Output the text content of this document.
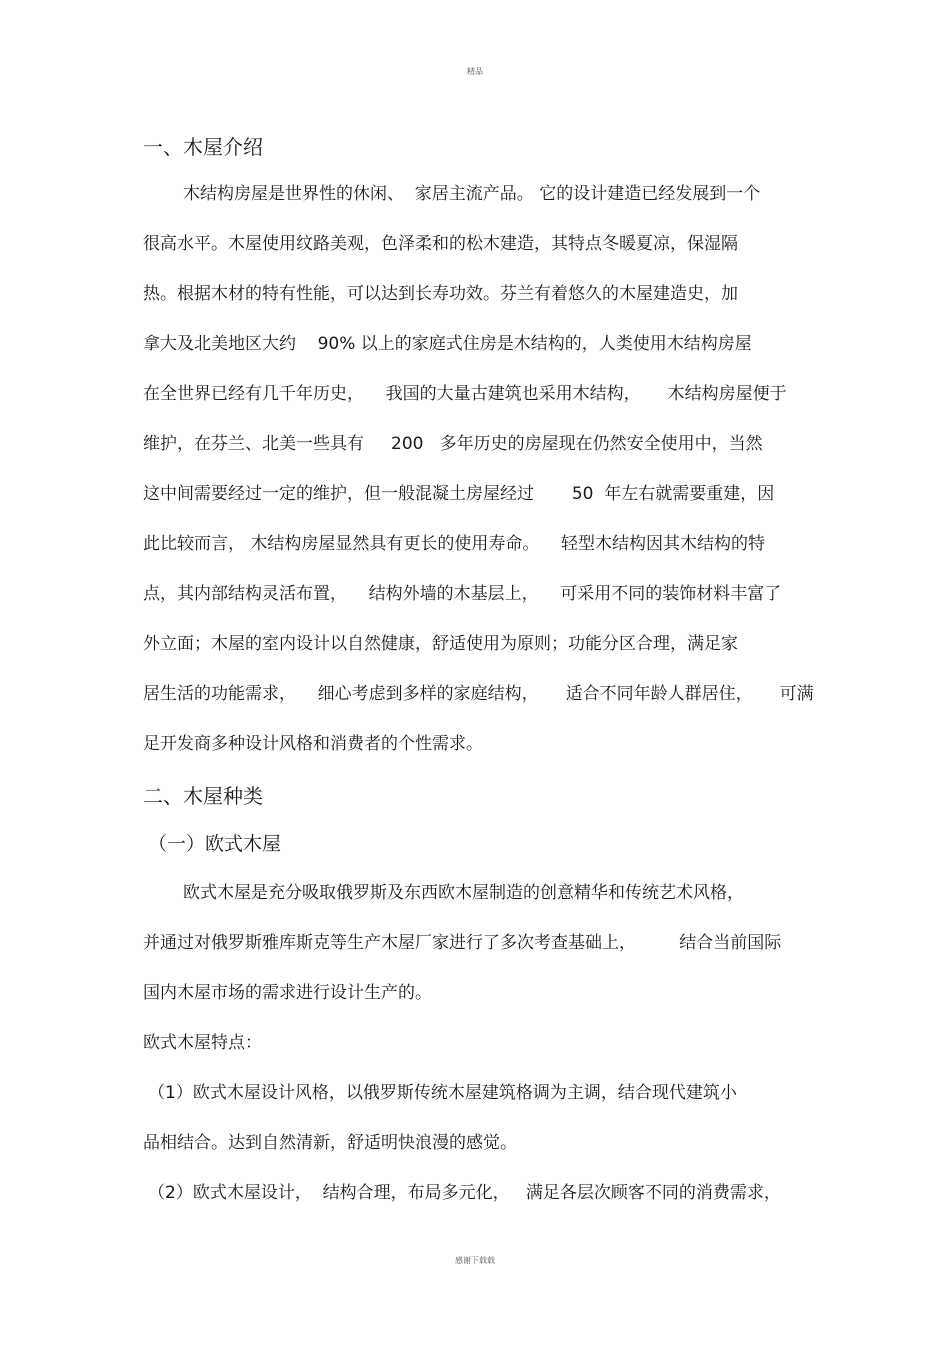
精品
一、木屋介绍
木结构房屋是世界性的休闲、  家居主流产品。 它的设计建造已经发展到一个
很高水平。木屋使用纹路美观，色泽柔和的松木建造，其特点冬暖夏凉，保湿隔
热。根据木材的特有性能，可以达到长寿功效。芬兰有着悠久的木屋建造史，加
拿大及北美地区大约    90% 以上的家庭式住房是木结构的，人类使用木结构房屋
在全世界已经有几千年历史，    我国的大量古建筑也采用木结构，     木结构房屋便于
维护，在芬兰、北美一些具有     200   多年历史的房屋现在仍然安全使用中，当然
这中间需要经过一定的维护，但一般混凝土房屋经过       50  年左右就需要重建，因
此比较而言， 木结构房屋显然具有更长的使用寿命。    轻型木结构因其木结构的特
点，其内部结构灵活布置，    结构外墙的木基层上，    可采用不同的装饰材料丰富了
外立面；木屋的室内设计以自然健康，舒适使用为原则；功能分区合理，满足家
居生活的功能需求，    细心考虑到多样的家庭结构，     适合不同年龄人群居住，     可满
足开发商多种设计风格和消费者的个性需求。
二、木屋种类
（一）欧式木屋
欧式木屋是充分吸取俄罗斯及东西欧木屋制造的创意精华和传统艺术风格，
并通过对俄罗斯雅库斯克等生产木屋厂家进行了多次考查基础上，        结合当前国际
国内木屋市场的需求进行设计生产的。
欧式木屋特点：
（1）欧式木屋设计风格，以俄罗斯传统木屋建筑格调为主调，结合现代建筑小
品相结合。达到自然清新，舒适明快浪漫的感觉。
（2）欧式木屋设计，  结构合理，布局多元化，   满足各层次顾客不同的消费需求，
感谢下载载
